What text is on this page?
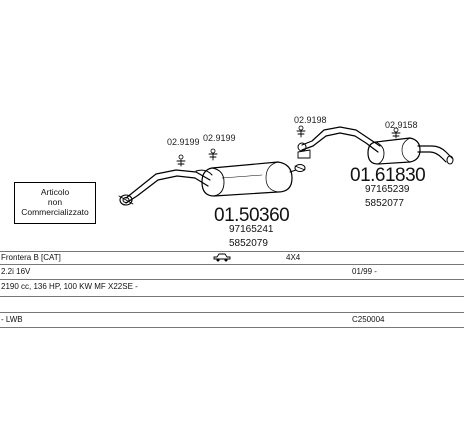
Articolo
non
Commercializzato
02.9199 02.9199
02.9198	02.9158
01.50360
97165241
5852079
01.61830
97165239
5852077
Frontera B [CAT]	4X4
2.2i 16V	01/99 -
2190 cc, 136 HP, 100 KW MF X22SE -
- LWB	C250004
